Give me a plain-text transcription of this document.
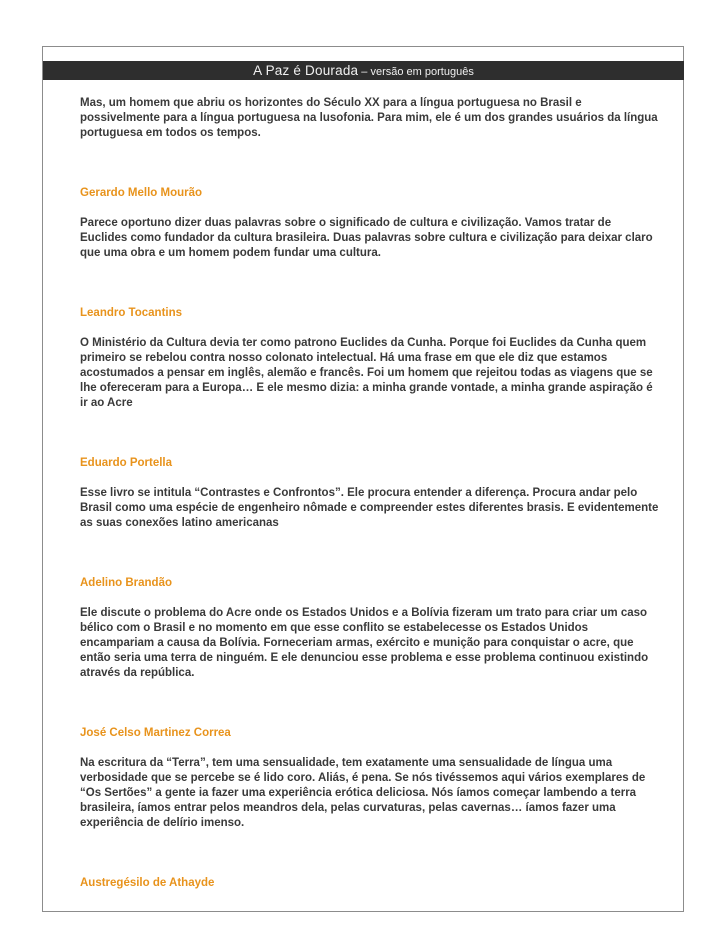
A Paz é Dourada – versão em português

Mas, um homem que abriu os horizontes do Século XX para a língua portuguesa no Brasil e possivelmente para a língua portuguesa na lusofonia. Para mim, ele é um dos grandes usuários da língua portuguesa em todos os tempos.

Gerardo Mello Mourão

Parece oportuno dizer duas palavras sobre o significado de cultura e civilização. Vamos tratar de Euclides como fundador da cultura brasileira. Duas palavras sobre cultura e civilização para deixar claro que uma obra e um homem podem fundar uma cultura.

Leandro Tocantins

O Ministério da Cultura devia ter como patrono Euclides da Cunha. Porque foi Euclides da Cunha quem primeiro se rebelou contra nosso colonato intelectual. Há uma frase em que ele diz que estamos acostumados a pensar em inglês, alemão e francês. Foi um homem que rejeitou todas as viagens que se lhe ofereceram para a Europa… E ele mesmo dizia: a minha grande vontade, a minha grande aspiração é ir ao Acre

Eduardo Portella

Esse livro se intitula “Contrastes e Confrontos”. Ele procura entender a diferença. Procura andar pelo Brasil como uma espécie de engenheiro nômade e compreender estes diferentes brasis. E evidentemente as suas conexões latino americanas

Adelino Brandão

Ele discute o problema do Acre onde os Estados Unidos e a Bolívia fizeram um trato para criar um caso bélico com o Brasil e no momento em que esse conflito se estabelecesse os Estados Unidos encampariam a causa da Bolívia. Forneceriam armas, exército e munição para conquistar o acre, que então seria uma terra de ninguém. E ele denunciou esse problema e esse problema continuou existindo através da república.

José Celso Martinez Correa

Na escritura da “Terra”, tem uma sensualidade, tem exatamente uma sensualidade de língua uma verbosidade que se percebe se é lido coro. Aliás, é pena. Se nós tivéssemos aqui vários exemplares de “Os Sertões” a gente ia fazer uma experiência erótica deliciosa. Nós íamos começar lambendo a terra brasileira, íamos entrar pelos meandros dela, pelas curvaturas, pelas cavernas… íamos fazer uma experiência de delírio imenso.

Austregésilo de Athayde
